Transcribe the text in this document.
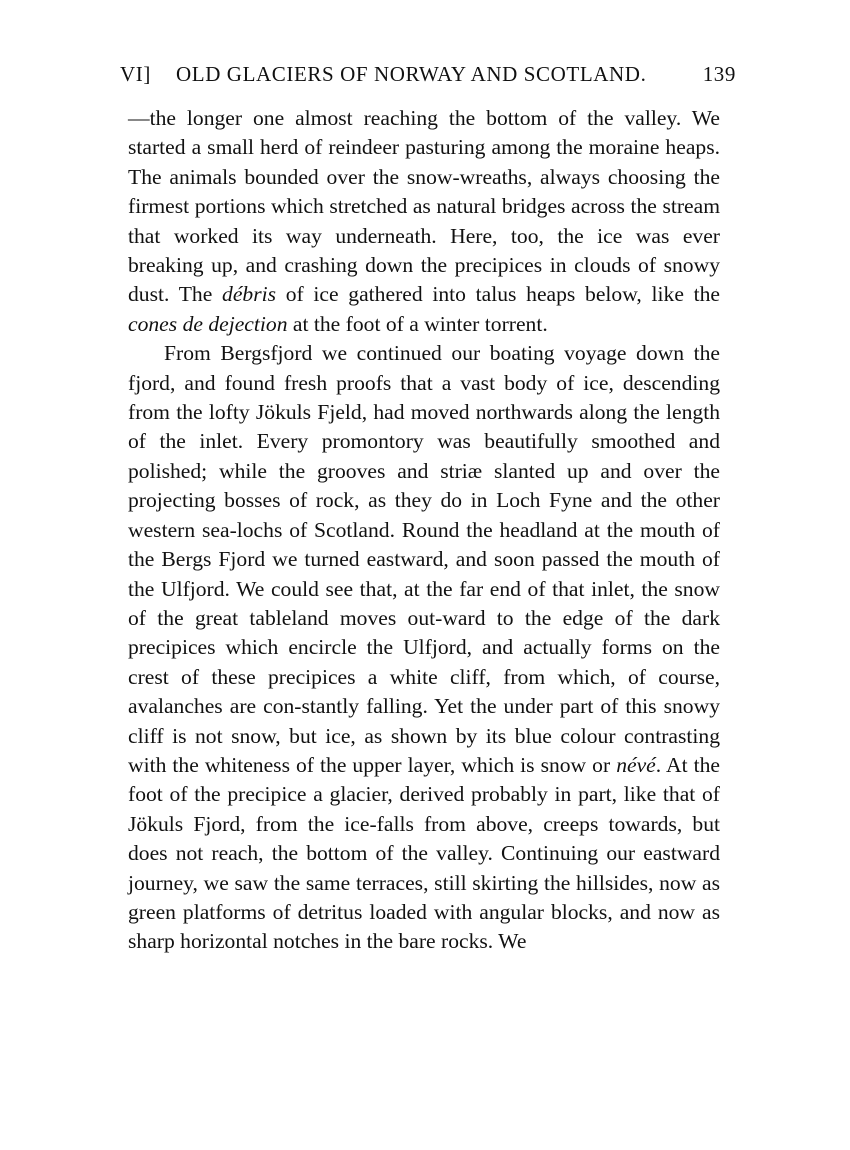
VI] OLD GLACIERS OF NORWAY AND SCOTLAND.	139

—the longer one almost reaching the bottom of the valley. We started a small herd of reindeer pasturing among the moraine heaps. The animals bounded over the snow-wreaths, always choosing the firmest portions which stretched as natural bridges across the stream that worked its way underneath. Here, too, the ice was ever breaking up, and crashing down the precipices in clouds of snowy dust. The débris of ice gathered into talus heaps below, like the cones de dejection at the foot of a winter torrent.

From Bergsfjord we continued our boating voyage down the fjord, and found fresh proofs that a vast body of ice, descending from the lofty Jökuls Fjeld, had moved northwards along the length of the inlet. Every promontory was beautifully smoothed and polished; while the grooves and striæ slanted up and over the projecting bosses of rock, as they do in Loch Fyne and the other western sea-lochs of Scotland. Round the headland at the mouth of the Bergs Fjord we turned eastward, and soon passed the mouth of the Ulfjord. We could see that, at the far end of that inlet, the snow of the great tableland moves out-ward to the edge of the dark precipices which encircle the Ulfjord, and actually forms on the crest of these precipices a white cliff, from which, of course, avalanches are con-stantly falling. Yet the under part of this snowy cliff is not snow, but ice, as shown by its blue colour contrasting with the whiteness of the upper layer, which is snow or névé. At the foot of the precipice a glacier, derived probably in part, like that of Jökuls Fjord, from the ice-falls from above, creeps towards, but does not reach, the bottom of the valley. Continuing our eastward journey, we saw the same terraces, still skirting the hillsides, now as green platforms of detritus loaded with angular blocks, and now as sharp horizontal notches in the bare rocks. We
